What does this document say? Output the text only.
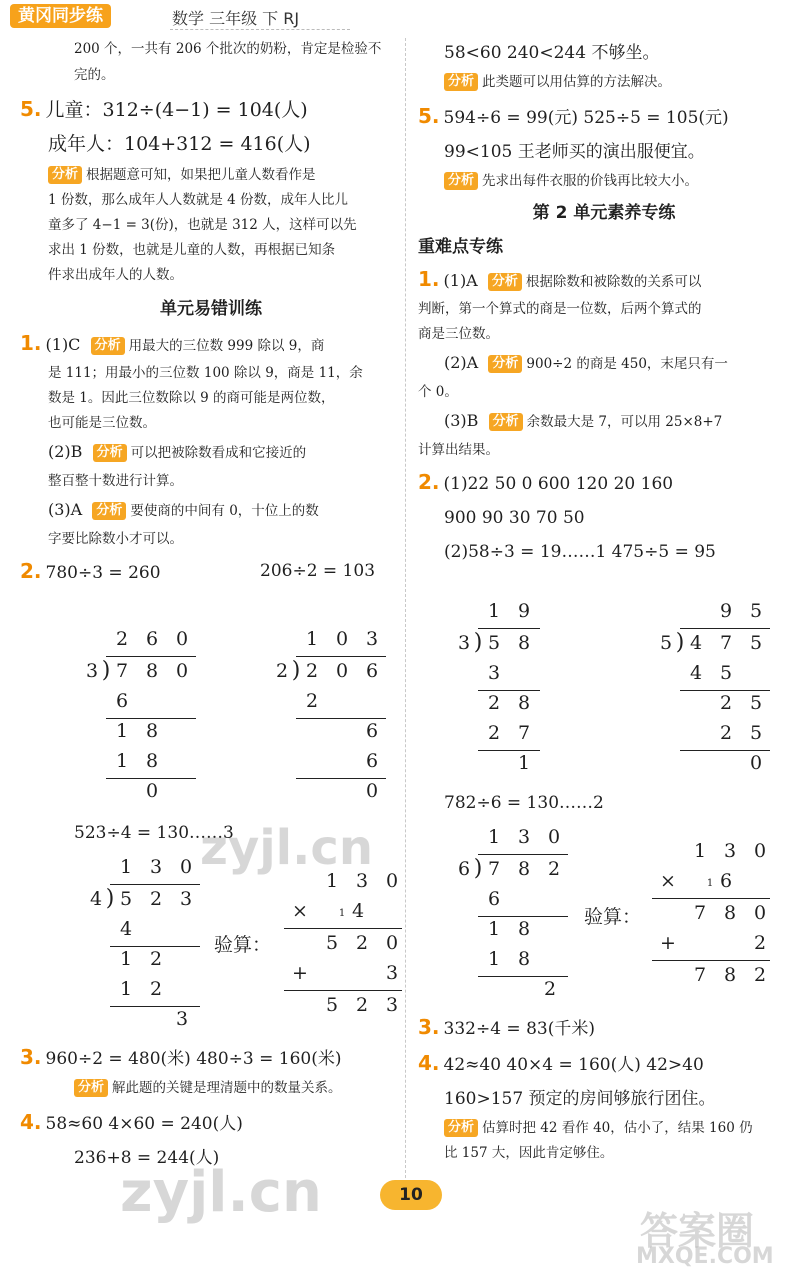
黄冈同步练	数学 三年级 下 RJ
200 个，一共有 206 个批次的奶粉，肯定是检验不
完的。
5. 儿童：312÷(4−1) = 104(人)
成年人：104+312 = 416(人)
分析 根据题意可知，如果把儿童人数看作是
1 份数，那么成年人人数就是 4 份数，成年人比儿
童多了 4−1 = 3(份)，也就是 312 人，这样可以先
求出 1 份数，也就是儿童的人数，再根据已知条
件求出成年人的人数。
单元易错训练
1. (1)C 分析 用最大的三位数 999 除以 9，商
是 111；用最小的三位数 100 除以 9，商是 11，余
数是 1。因此三位数除以 9 的商可能是两位数，
也可能是三位数。
(2)B 分析 可以把被除数看成和它接近的
整百整十数进行计算。
(3)A 分析 要使商的中间有 0，十位上的数
字要比除数小才可以。
2. 780÷3 = 260	206÷2 = 103
2 6 0
3 ) 7 8 0
6
1 8
1 8
0
1 0 3
2 ) 2 0 6
2
6
6
0
523÷4 = 130……3
1 3 0
4 ) 5 2 3
4
1 2
1 2
3
验算：
1 3 0
×	1 4
5 2 0
+	3
5 2 3
3. 960÷2 = 480(米) 480÷3 = 160(米)
分析 解此题的关键是理清题中的数量关系。
4. 58≈60 4×60 = 240(人)
236+8 = 244(人)
58<60 240<244 不够坐。
分析 此类题可以用估算的方法解决。
5. 594÷6 = 99(元) 525÷5 = 105(元)
99<105 王老师买的演出服便宜。
分析 先求出每件衣服的价钱再比较大小。
第 2 单元素养专练
重难点专练
1. (1)A 分析 根据除数和被除数的关系可以
判断，第一个算式的商是一位数，后两个算式的
商是三位数。
(2)A 分析 900÷2 的商是 450，末尾只有一
个 0。
(3)B 分析 余数最大是 7，可以用 25×8+7
计算出结果。
2. (1)22 50 0 600 120 20 160
900 90 30 70 50
(2)58÷3 = 19……1 475÷5 = 95
1 9
3 ) 5 8
3
2 8
2 7
1
9 5
5 ) 4 7 5
4 5
2 5
2 5
0
782÷6 = 130……2
1 3 0
6 ) 7 8 2
6
1 8
1 8
2
验算：
1 3 0
×	1 6
7 8 0
+	2
7 8 2
3. 332÷4 = 83(千米)
4. 42≈40 40×4 = 160(人) 42>40
160>157 预定的房间够旅行团住。
分析 估算时把 42 看作 40，估小了，结果 160 仍
比 157 大，因此肯定够住。
10
zyjl.cn
zyjl.cn
答案圈
MXQE.COM
